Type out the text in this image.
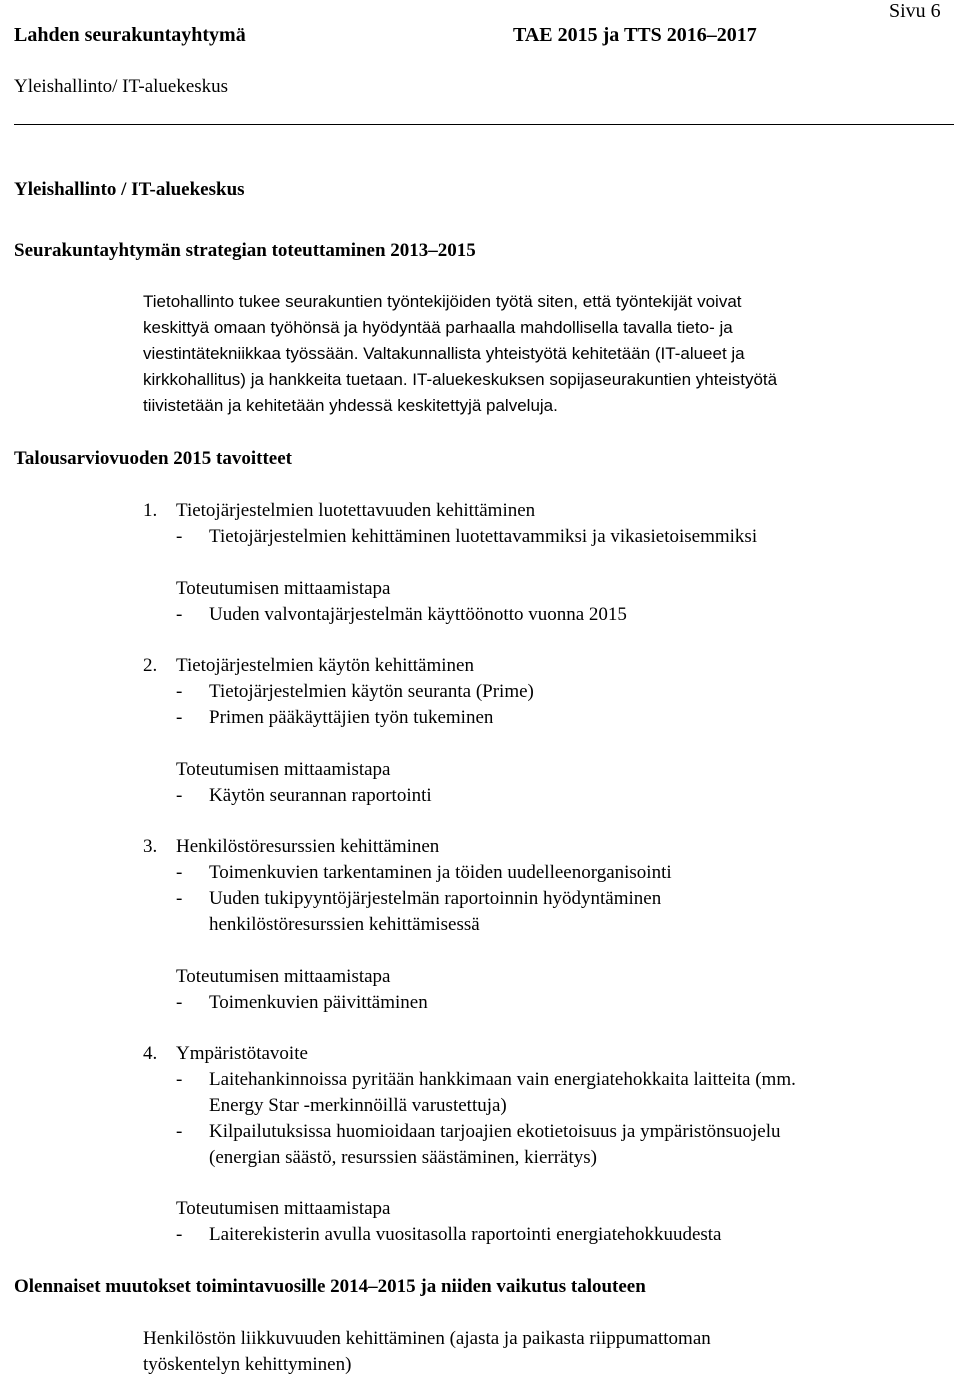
Lahden seurakuntayhtymä	TAE 2015 ja TTS 2016–2017
Sivu 6
Yleishallinto/ IT-aluekeskus
Yleishallinto / IT-aluekeskus
Seurakuntayhtymän strategian toteuttaminen 2013–2015
Tietohallinto tukee seurakuntien työntekijöiden työtä siten, että työntekijät voivat
keskittyä omaan työhönsä ja hyödyntää parhaalla mahdollisella tavalla tieto- ja
viestintätekniikkaa työssään. Valtakunnallista yhteistyötä kehitetään (IT-alueet ja
kirkkohallitus) ja hankkeita tuetaan. IT-aluekeskuksen sopijaseurakuntien yhteistyötä
tiivistetään ja kehitetään yhdessä keskitettyjä palveluja.
Talousarviovuoden 2015 tavoitteet
1. Tietojärjestelmien luotettavuuden kehittäminen
- Tietojärjestelmien kehittäminen luotettavammiksi ja vikasietoisemmiksi
Toteutumisen mittaamistapa
- Uuden valvontajärjestelmän käyttöönotto vuonna 2015
2. Tietojärjestelmien käytön kehittäminen
- Tietojärjestelmien käytön seuranta (Prime)
- Primen pääkäyttäjien työn tukeminen
Toteutumisen mittaamistapa
- Käytön seurannan raportointi
3. Henkilöstöresurssien kehittäminen
- Toimenkuvien tarkentaminen ja töiden uudelleenorganisointi
- Uuden tukipyyntöjärjestelmän raportoinnin hyödyntäminen
henkilöstöresurssien kehittämisessä
Toteutumisen mittaamistapa
- Toimenkuvien päivittäminen
4. Ympäristötavoite
- Laitehankinnoissa pyritään hankkimaan vain energiatehokkaita laitteita (mm.
Energy Star -merkinnöillä varustettuja)
- Kilpailutuksissa huomioidaan tarjoajien ekotietoisuus ja ympäristönsuojelu
(energian säästö, resurssien säästäminen, kierrätys)
Toteutumisen mittaamistapa
- Laiterekisterin avulla vuositasolla raportointi energiatehokkuudesta
Olennaiset muutokset toimintavuosille 2014–2015 ja niiden vaikutus talouteen
Henkilöstön liikkuvuuden kehittäminen (ajasta ja paikasta riippumattoman
työskentelyn kehittyminen)
